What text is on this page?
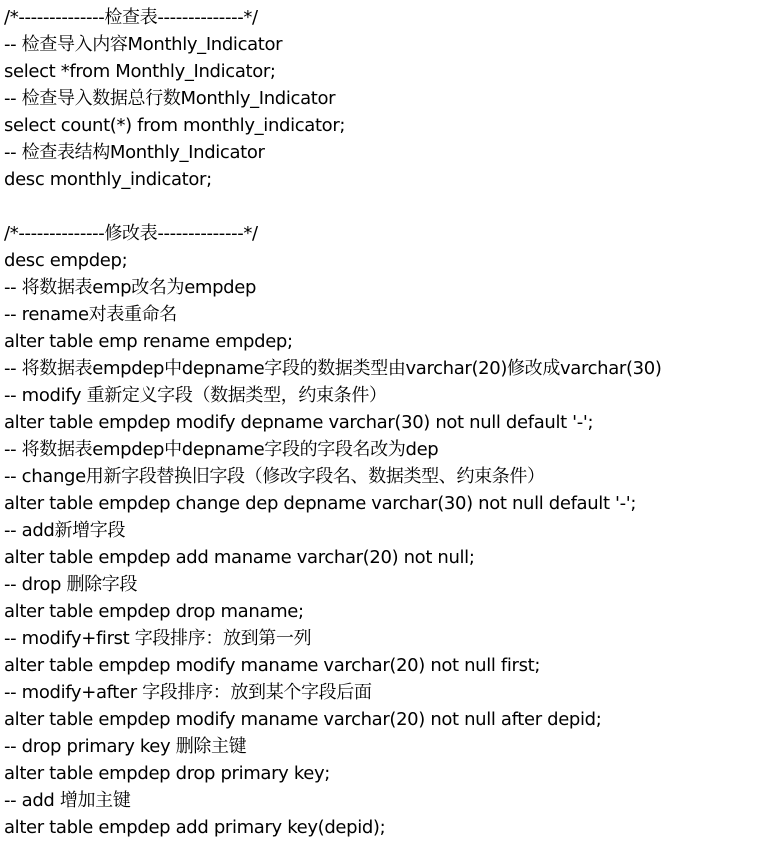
/*--------------检查表--------------*/
-- 检查导入内容Monthly_Indicator
select *from Monthly_Indicator;
-- 检查导入数据总行数Monthly_Indicator
select count(*) from monthly_indicator;
-- 检查表结构Monthly_Indicator
desc monthly_indicator;
/*--------------修改表--------------*/
desc empdep;
-- 将数据表emp改名为empdep
-- rename对表重命名
alter table emp rename empdep;
-- 将数据表empdep中depname字段的数据类型由varchar(20)修改成varchar(30)
-- modify 重新定义字段（数据类型，约束条件）
alter table empdep modify depname varchar(30) not null default '-';
-- 将数据表empdep中depname字段的字段名改为dep
-- change用新字段替换旧字段（修改字段名、数据类型、约束条件）
alter table empdep change dep depname varchar(30) not null default '-';
-- add新增字段
alter table empdep add maname varchar(20) not null;
-- drop 删除字段
alter table empdep drop maname;
-- modify+first 字段排序：放到第一列
alter table empdep modify maname varchar(20) not null first;
-- modify+after 字段排序：放到某个字段后面
alter table empdep modify maname varchar(20) not null after depid;
-- drop primary key 删除主键
alter table empdep drop primary key;
-- add 增加主键
alter table empdep add primary key(depid);
